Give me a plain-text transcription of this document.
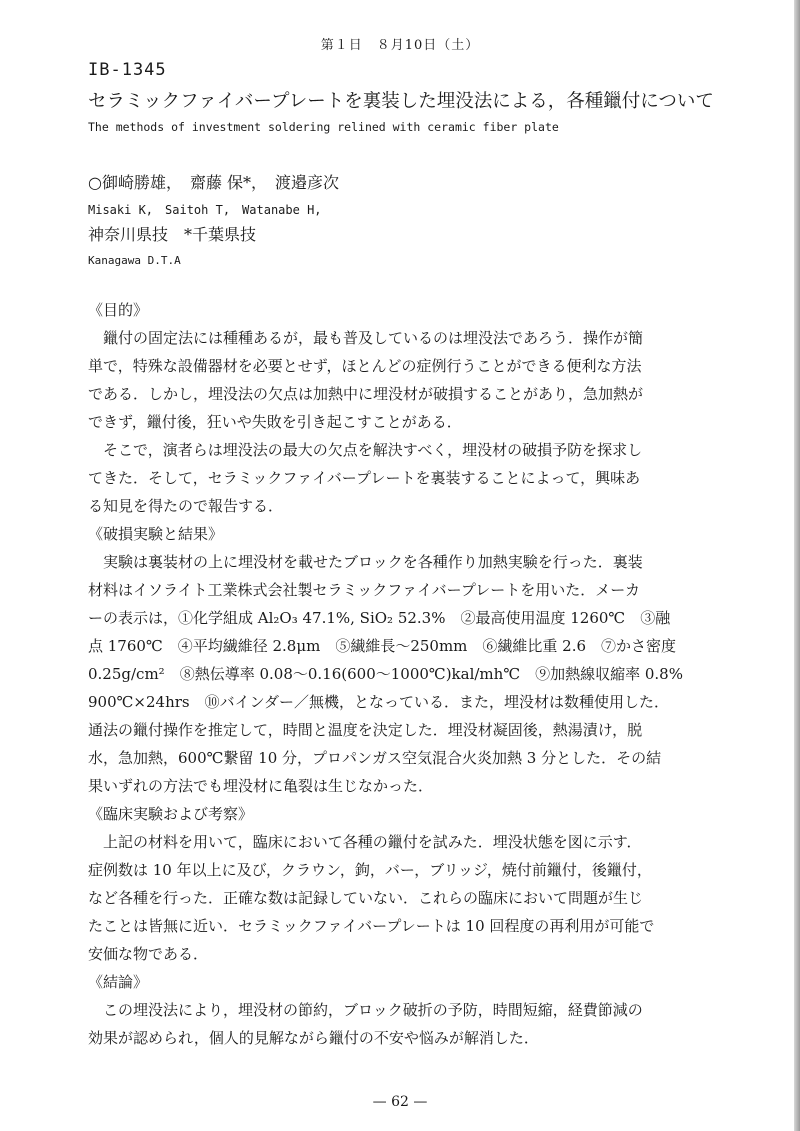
第１日　８月10日（土）
IB-1345
セラミックファイバープレートを裏装した埋没法による，各種鑞付について
The methods of investment soldering relined with ceramic fiber plate
○御崎勝雄，　齋藤 保*，　渡邉彦次
Misaki K,　Saitoh T,　Watanabe H,
神奈川県技　*千葉県技
Kanagawa D.T.A
《目的》
鑞付の固定法には種種あるが，最も普及しているのは埋没法であろう．操作が簡
単で，特殊な設備器材を必要とせず，ほとんどの症例行うことができる便利な方法
である．しかし，埋没法の欠点は加熱中に埋没材が破損することがあり，急加熱が
できず，鑞付後，狂いや失敗を引き起こすことがある．
そこで，演者らは埋没法の最大の欠点を解決すべく，埋没材の破損予防を探求し
てきた．そして，セラミックファイバープレートを裏装することによって，興味あ
る知見を得たので報告する．
《破損実験と結果》
実験は裏装材の上に埋没材を載せたブロックを各種作り加熱実験を行った．裏装
材料はイソライト工業株式会社製セラミックファイバープレートを用いた．メーカ
ーの表示は，①化学組成 Al₂O₃ 47.1%, SiO₂ 52.3%　②最高使用温度 1260℃　③融
点 1760℃　④平均繊維径 2.8μm　⑤繊維長〜250mm　⑥繊維比重 2.6　⑦かさ密度
0.25g/cm²　⑧熱伝導率 0.08〜0.16(600〜1000℃)kal/mh℃　⑨加熱線収縮率 0.8%
900℃×24hrs　⑩バインダー／無機，となっている．また，埋没材は数種使用した．
通法の鑞付操作を推定して，時間と温度を決定した．埋没材凝固後，熱湯漬け，脱
水，急加熱，600℃繋留 10 分，プロパンガス空気混合火炎加熱 3 分とした．その結
果いずれの方法でも埋没材に亀裂は生じなかった．
《臨床実験および考察》
上記の材料を用いて，臨床において各種の鑞付を試みた．埋没状態を図に示す．
症例数は 10 年以上に及び，クラウン，鉤，バー，ブリッジ，焼付前鑞付，後鑞付，
など各種を行った．正確な数は記録していない．これらの臨床において問題が生じ
たことは皆無に近い．セラミックファイバープレートは 10 回程度の再利用が可能で
安価な物である．
《結論》
この埋没法により，埋没材の節約，ブロック破折の予防，時間短縮，経費節減の
効果が認められ，個人的見解ながら鑞付の不安や悩みが解消した．
— 62 —
